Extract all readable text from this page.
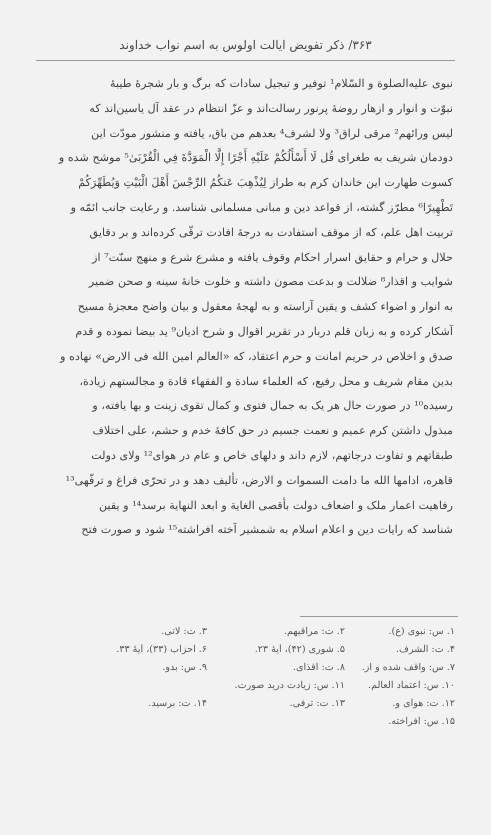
۳۶۳/ ذکر تفویض ایالت اولوس به اسم نواب خداوند

نبوی علیه‌الصلوة و السّلام¹ توفیر و تبجیل سادات که برگ و بار شجرهٔ طیبهٔ

نبوّت و انوار و ازهار روضهٔ پرنور رسالت‌اند و عزّ انتظام در عقد آل یاسین‌اند که

لیس ورائهم² مرقی لراق³ ولا لشرف⁴ بعدهم من باق، یافته و منشور مودّت این

دودمان شریف به طغرای قُل لَا أَسْأَلُكُمْ عَلَيْهِ أَجْرًا إِلَّا الْمَوَدَّةَ فِي الْقُرْبَىٰ⁵ موشح شده و

کسوت طهارت این خاندان کرم به طراز لِيُذْهِبَ عَنكُمُ الرِّجْسَ أَهْلَ الْبَيْتِ وَيُطَهِّرَكُمْ

تَطْهِيرًا⁶ مطرّز گشته، از قواعد دین و مبانی مسلمانی شناسد. و رعایت جانب ائمّه و

تربیت اهل علم، که از موقف استفادت به درجهٔ افادت ترقّی کرده‌اند و بر دقایق

حلال و حرام و حقایق اسرار احکام وقوف یافته و مشرع شرع و منهج سنّت⁷ از

شوایب و اقذار⁸ ضلالت و بدعت مصون داشته و خلوت خانهٔ سینه و صحن ضمیر

به انوار و اضواء کشف و یقین آراسته و به لهجهٔ معقول و بیان واضح معجزهٔ مسیح

آشکار کرده و به زبان قلم دربار در تقریر اقوال و شرح ادیان⁹ ید بیضا نموده و قدم

صدق و اخلاص در حریم امانت و حرم اعتقاد، که «العالم امین الله فی الارض» نهاده و

بدین مقام شریف و محل رفیع، که العلماء سادة و الفقهاء قادة و مجالستهم زیادة،

رسیده¹⁰ در صورت حال هر یک به جمال فتوی و کمال تقوی زینت و بها یافته، و

مبذول داشتن کرم عمیم و نعمت جسیم در حق کافهٔ خدم و حشم، علی اختلاف

طبقاتهم و تفاوت درجاتهم، لازم داند و دلهای خاص و عام در هوای¹² ولای دولت

قاهره، ادامها الله ما دامت السموات و الارض، تألیف دهد و در تحرّی فراغ و ترفّهی¹³

رفاهیت اعمار ملک و اضعاف دولت بأقصی الغایة و ابعد النهایة برسد¹⁴ و یقین

شناسد که رایات دین و اعلام اسلام به شمشیر آخته افراشته¹⁵ شود و صورت فتح

۱. س: نبوی (ع).
۲. ت: مراقیهم.
۳. ت: لاتی.
۴. ت: الشرف.
۵. شوری (۴۲)، آیهٔ ۲۳.
۶. احزاب (۳۳)، آیهٔ ۳۳.
۷. س: واقف شده و از.
۸. ت: اقذای.
۹. س: بدو.
۱۰. س: اعتماد العالم.
۱۱. س: زیادت درید صورت.
۱۲. ت: هوای و.
۱۳. ت: ترفی.
۱۴. ت: برسید.
۱۵. س: افراخته.
